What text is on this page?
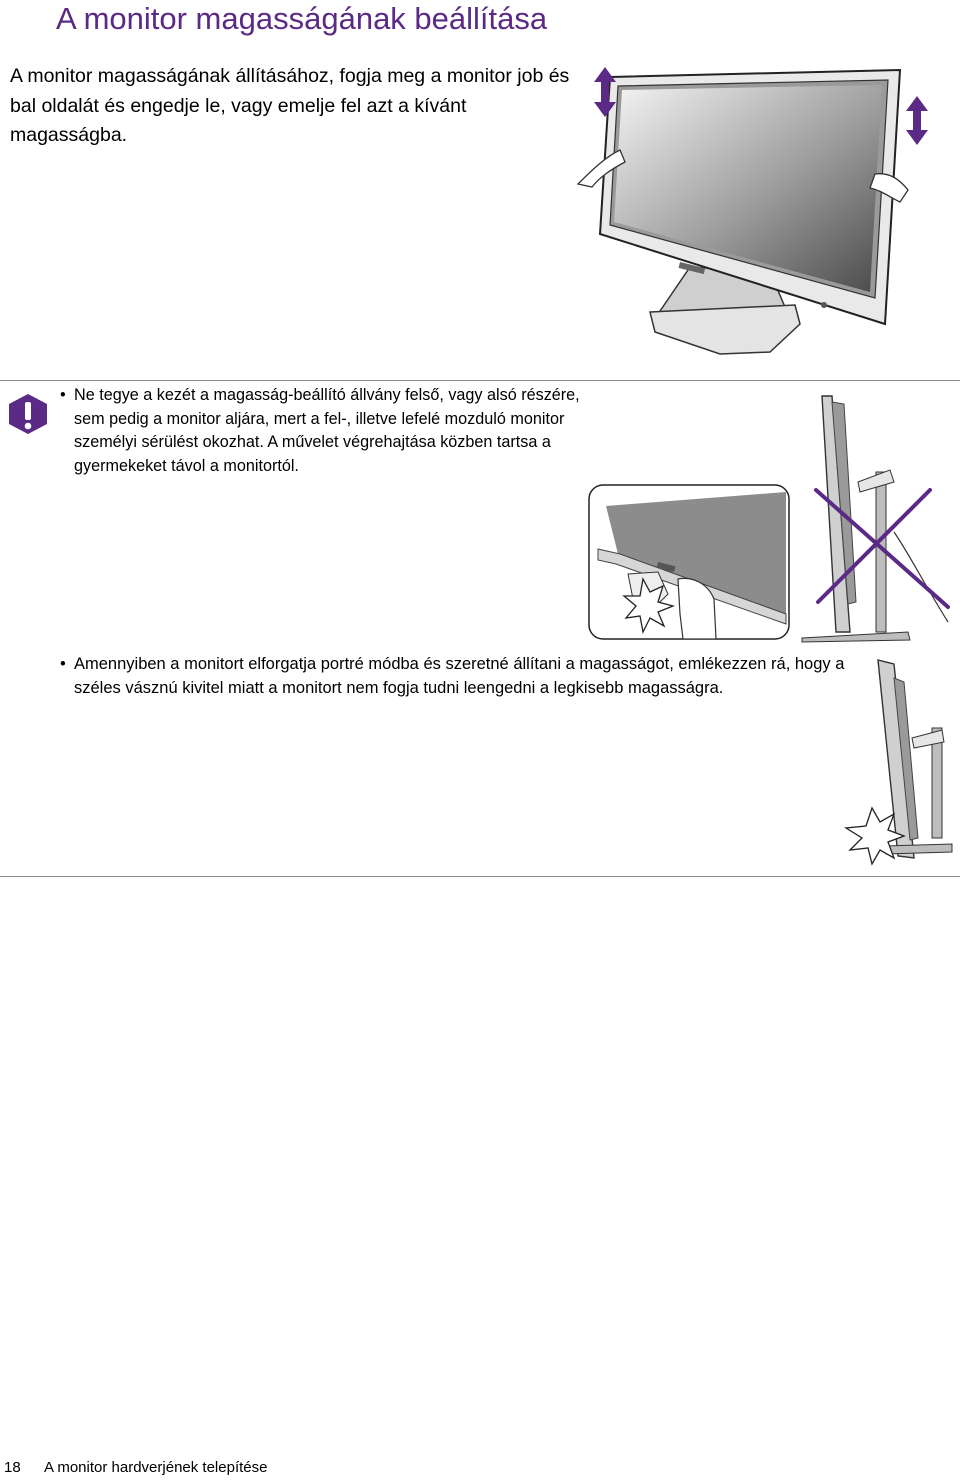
A monitor magasságának beállítása
A monitor magasságának állításához, fogja meg a monitor job és bal oldalát és engedje le, vagy emelje fel azt a kívánt magasságba.
• Ne tegye a kezét a magasság-beállító állvány felső, vagy alsó részére, sem pedig a monitor aljára, mert a fel-, illetve lefelé mozduló monitor személyi sérülést okozhat. A művelet végrehajtása közben tartsa a gyermekeket távol a monitortól.
• Amennyiben a monitort elforgatja portré módba és szeretné állítani a magasságot, emlékezzen rá, hogy a széles vásznú kivitel miatt a monitort nem fogja tudni leengedni a legkisebb magasságra.
18 A monitor hardverjének telepítése
